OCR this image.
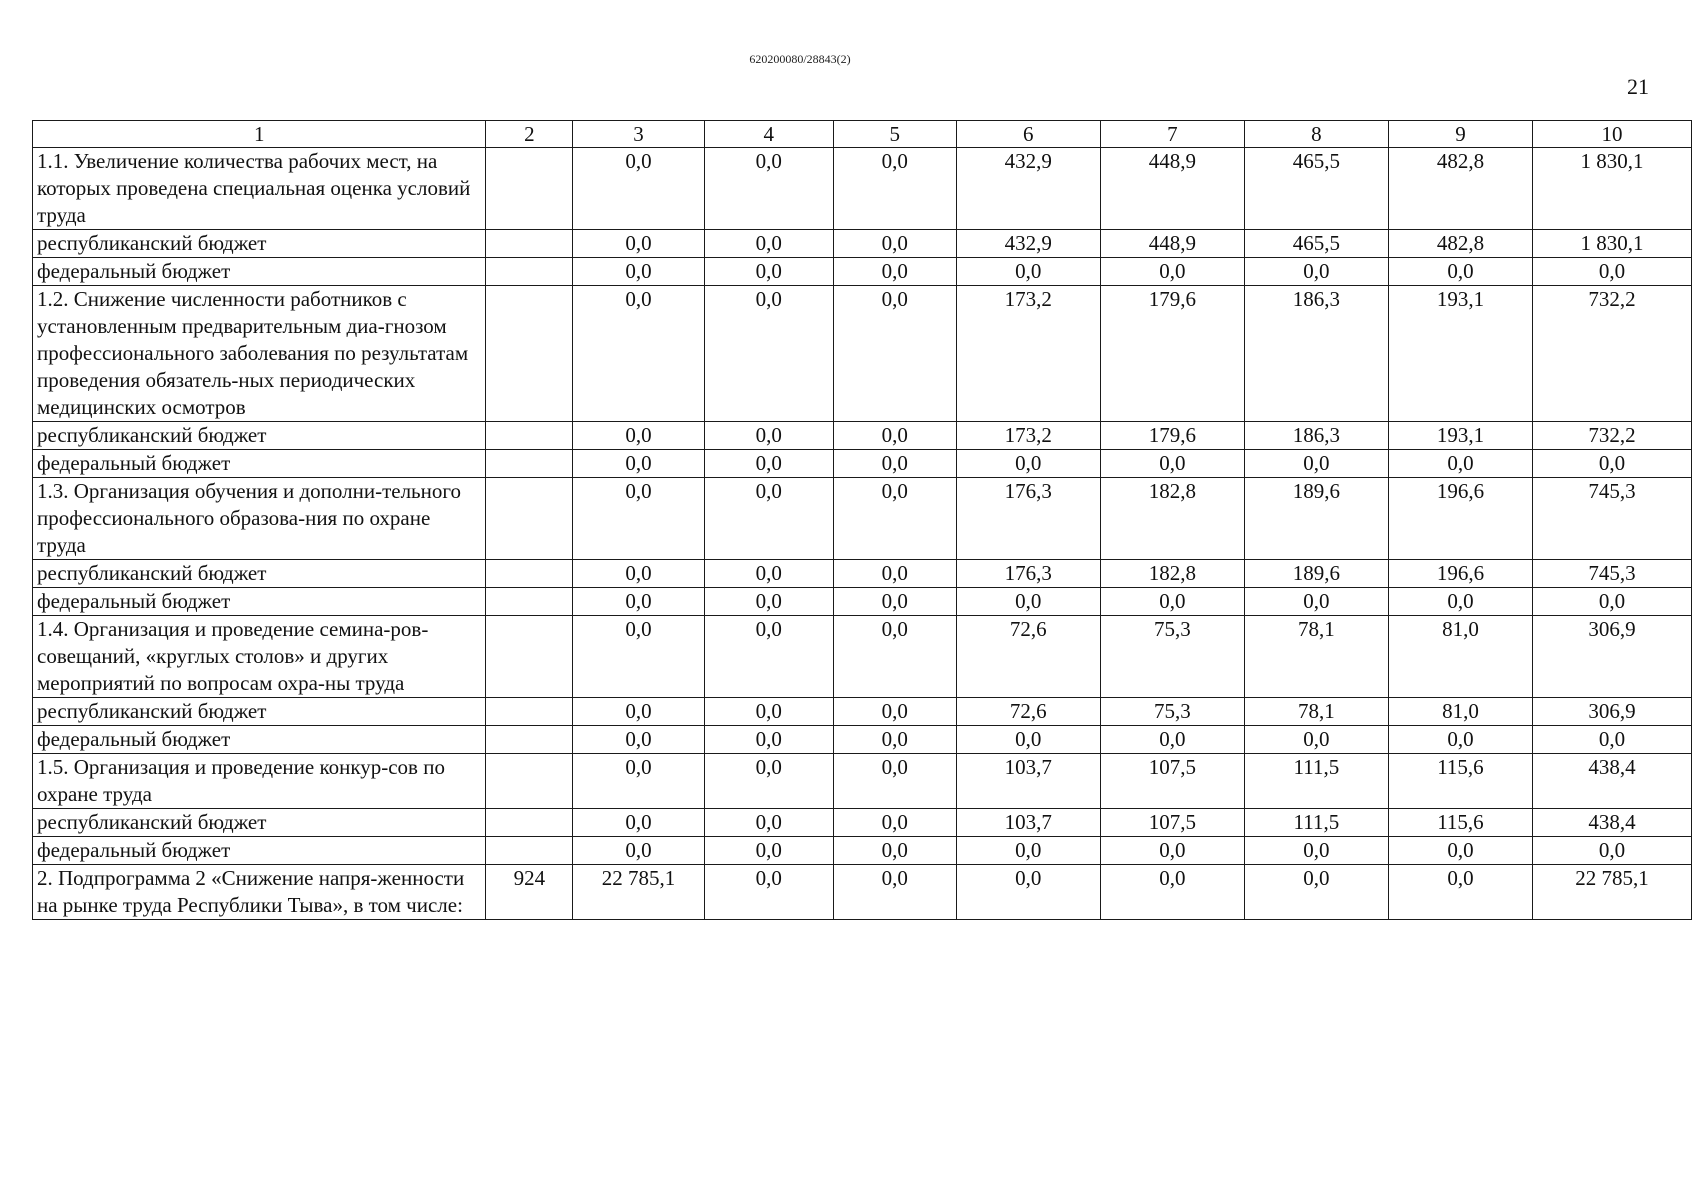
620200080/28843(2)
21
1	2	3	4	5	6	7	8	9	10
1.1. Увеличение количества рабочих мест, на которых проведена специальная оценка условий труда		0,0	0,0	0,0	432,9	448,9	465,5	482,8	1 830,1
республиканский бюджет		0,0	0,0	0,0	432,9	448,9	465,5	482,8	1 830,1
федеральный бюджет		0,0	0,0	0,0	0,0	0,0	0,0	0,0	0,0
1.2. Снижение численности работников с установленным предварительным диа-гнозом профессионального заболевания по результатам проведения обязатель-ных периодических медицинских осмотров		0,0	0,0	0,0	173,2	179,6	186,3	193,1	732,2
республиканский бюджет		0,0	0,0	0,0	173,2	179,6	186,3	193,1	732,2
федеральный бюджет		0,0	0,0	0,0	0,0	0,0	0,0	0,0	0,0
1.3. Организация обучения и дополни-тельного профессионального образова-ния по охране труда		0,0	0,0	0,0	176,3	182,8	189,6	196,6	745,3
республиканский бюджет		0,0	0,0	0,0	176,3	182,8	189,6	196,6	745,3
федеральный бюджет		0,0	0,0	0,0	0,0	0,0	0,0	0,0	0,0
1.4. Организация и проведение семина-ров-совещаний, «круглых столов» и других мероприятий по вопросам охра-ны труда		0,0	0,0	0,0	72,6	75,3	78,1	81,0	306,9
республиканский бюджет		0,0	0,0	0,0	72,6	75,3	78,1	81,0	306,9
федеральный бюджет		0,0	0,0	0,0	0,0	0,0	0,0	0,0	0,0
1.5. Организация и проведение конкур-сов по охране труда		0,0	0,0	0,0	103,7	107,5	111,5	115,6	438,4
республиканский бюджет		0,0	0,0	0,0	103,7	107,5	111,5	115,6	438,4
федеральный бюджет		0,0	0,0	0,0	0,0	0,0	0,0	0,0	0,0
2. Подпрограмма 2 «Снижение напря-женности на рынке труда Республики Тыва», в том числе:	924	22 785,1	0,0	0,0	0,0	0,0	0,0	0,0	22 785,1
